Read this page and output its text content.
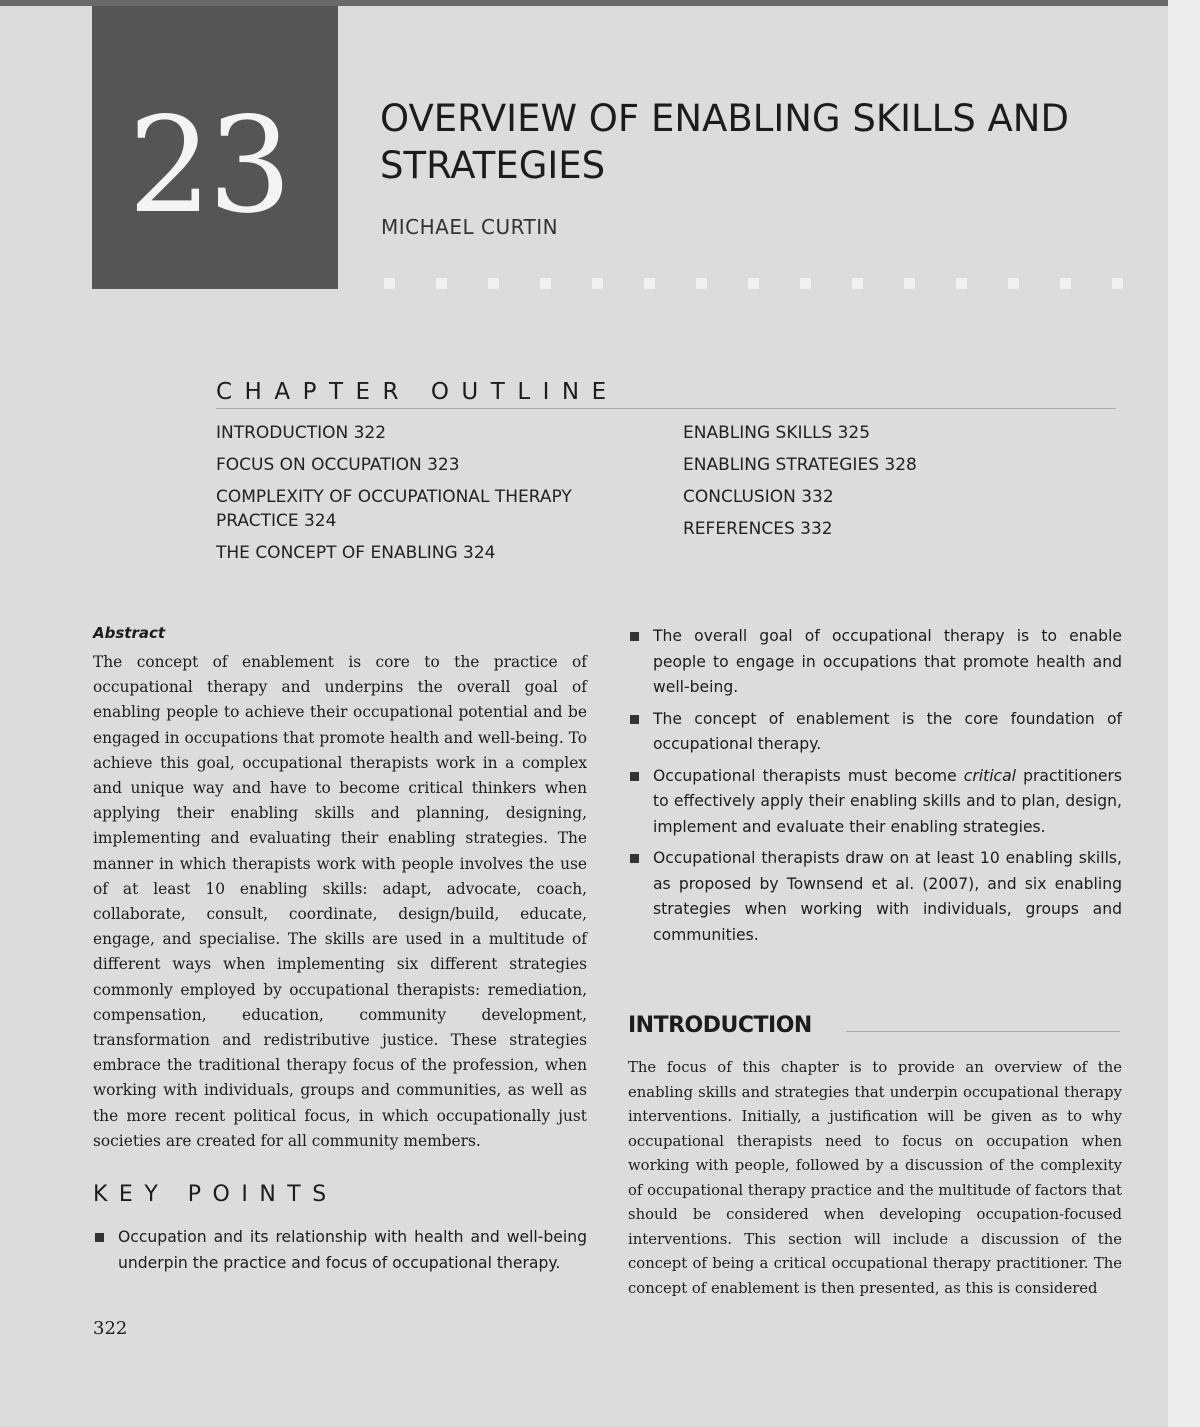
23 OVERVIEW OF ENABLING SKILLS AND STRATEGIES
MICHAEL CURTIN
CHAPTER OUTLINE
INTRODUCTION 322
FOCUS ON OCCUPATION 323
COMPLEXITY OF OCCUPATIONAL THERAPY PRACTICE 324
THE CONCEPT OF ENABLING 324
ENABLING SKILLS 325
ENABLING STRATEGIES 328
CONCLUSION 332
REFERENCES 332
Abstract

The concept of enablement is core to the practice of occupational therapy and underpins the overall goal of enabling people to achieve their occupational potential and be engaged in occupations that promote health and well-being. To achieve this goal, occupational therapists work in a complex and unique way and have to become critical thinkers when applying their enabling skills and planning, designing, implementing and evaluating their enabling strategies. The manner in which therapists work with people involves the use of at least 10 enabling skills: adapt, advocate, coach, collaborate, consult, coordinate, design/build, educate, engage, and specialise. The skills are used in a multitude of different ways when implementing six different strategies commonly employed by occupational therapists: remediation, compensation, education, community development, transformation and redistributive justice. These strategies embrace the traditional therapy focus of the profession, when working with individuals, groups and communities, as well as the more recent political focus, in which occupationally just societies are created for all community members.

KEY POINTS
Occupation and its relationship with health and well-being underpin the practice and focus of occupational therapy.
The overall goal of occupational therapy is to enable people to engage in occupations that promote health and well-being.
The concept of enablement is the core foundation of occupational therapy.
Occupational therapists must become critical practitioners to effectively apply their enabling skills and to plan, design, implement and evaluate their enabling strategies.
Occupational therapists draw on at least 10 enabling skills, as proposed by Townsend et al. (2007), and six enabling strategies when working with individuals, groups and communities.
INTRODUCTION

The focus of this chapter is to provide an overview of the enabling skills and strategies that underpin occupational therapy interventions. Initially, a justification will be given as to why occupational therapists need to focus on occupation when working with people, followed by a discussion of the complexity of occupational therapy practice and the multitude of factors that should be considered when developing occupation-focused interventions. This section will include a discussion of the concept of being a critical occupational therapy practitioner. The concept of enablement is then presented, as this is considered

322
